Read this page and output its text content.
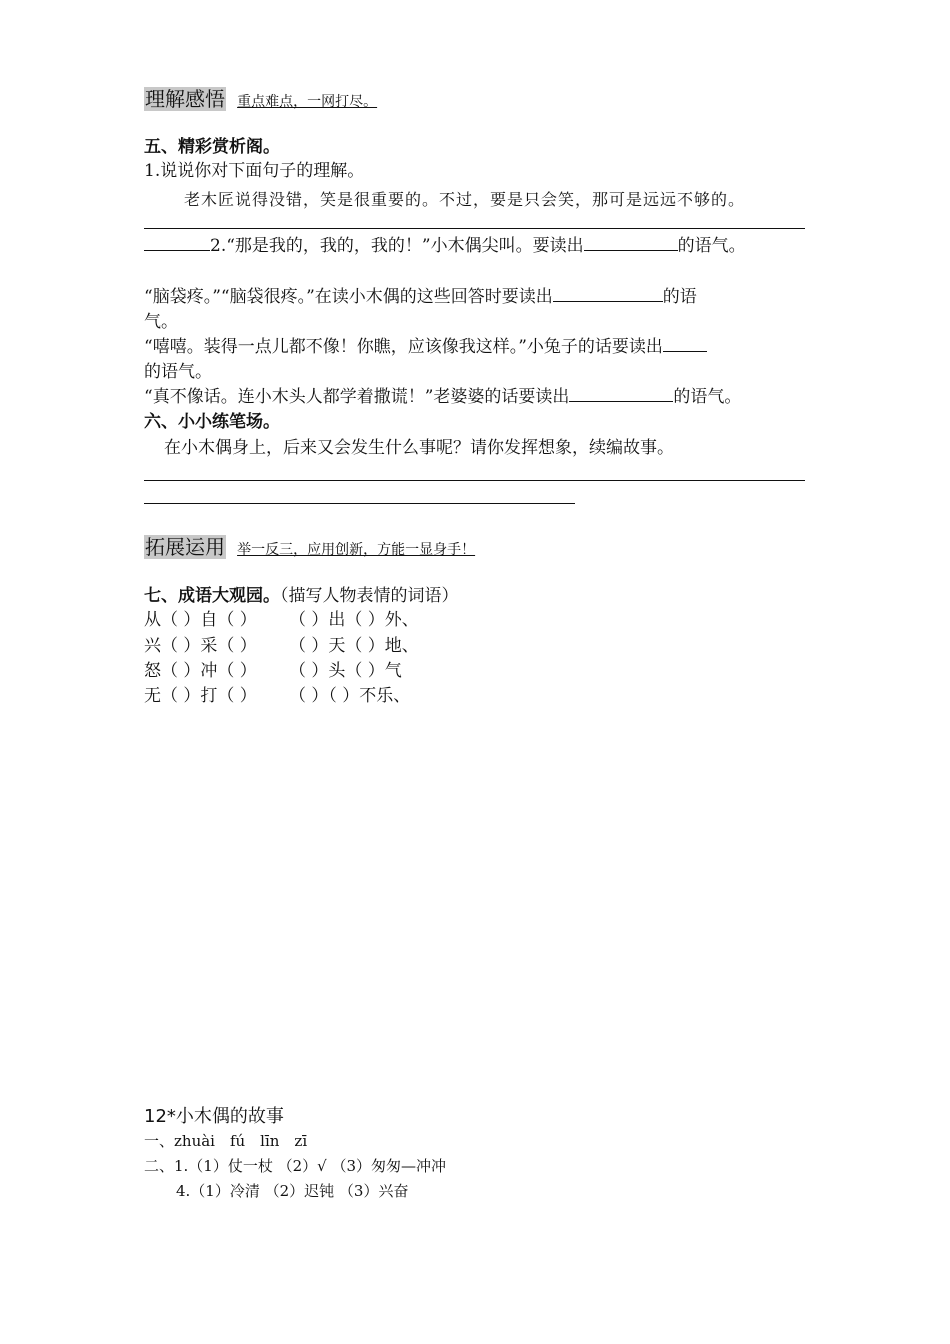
理解感悟 重点难点，一网打尽。
五、精彩赏析阁。
1.说说你对下面句子的理解。
老木匠说得没错，笑是很重要的。不过，要是只会笑，那可是远远不够的。
2.“那是我的，我的，我的！”小木偶尖叫。要读出	的语气。
“脑袋疼。”“脑袋很疼。”在读小木偶的这些回答时要读出	的语
气。
“嘻嘻。装得一点儿都不像！你瞧，应该像我这样。”小兔子的话要读出
的语气。
“真不像话。连小木头人都学着撒谎！”老婆婆的话要读出	的语气。
六、小小练笔场。
在小木偶身上，后来又会发生什么事呢？请你发挥想象，续编故事。
拓展运用 举一反三，应用创新，方能一显身手！
七、成语大观园。（描写人物表情的词语）
从（ ）自（ ） （ ）出（ ）外、
兴（ ）采（ ） （ ）天（ ）地、
怒（ ）冲（ ） （ ）头（ ）气
无（ ）打（ ） （ ）（ ）不乐、
12*小木偶的故事
一、zhuài　fú　līn　zī
二、1.（1）仗一杖 （2）√ （3）匆匆—冲冲
4.（1）冷清 （2）迟钝 （3）兴奋
